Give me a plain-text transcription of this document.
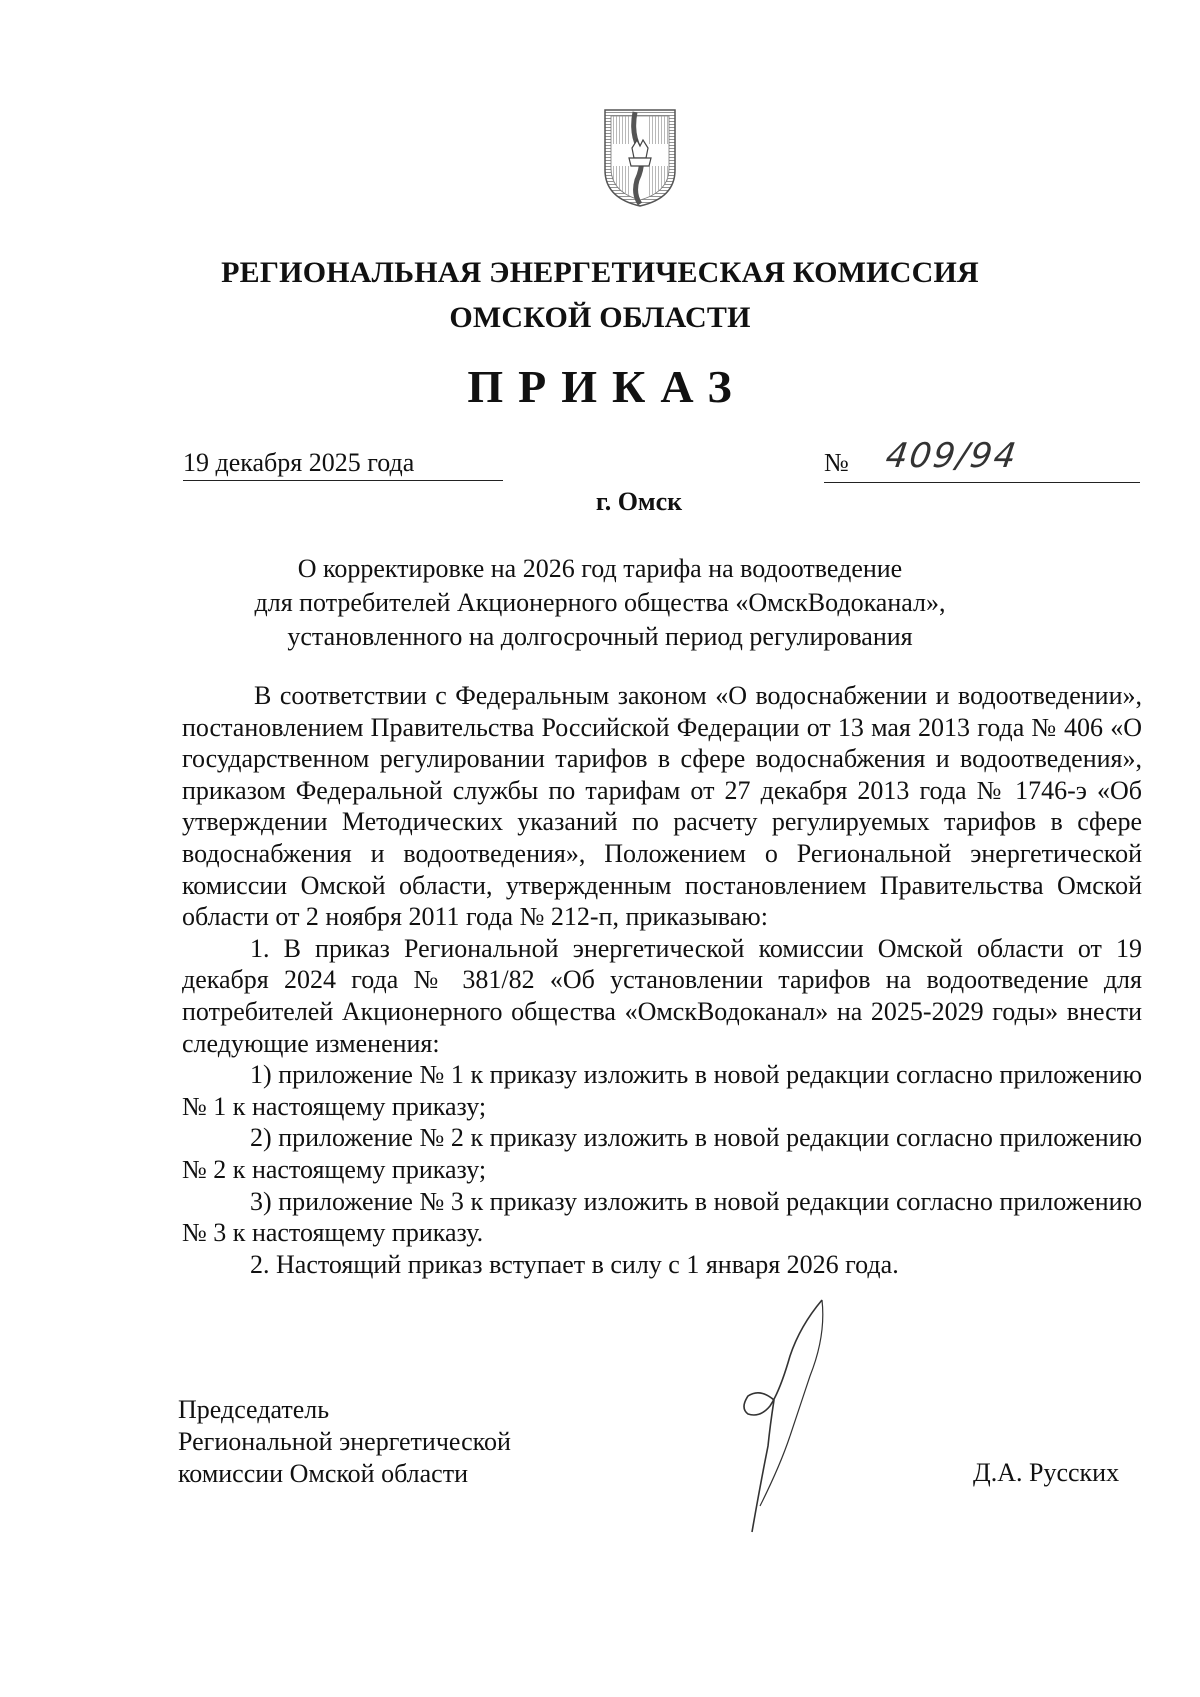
РЕГИОНАЛЬНАЯ ЭНЕРГЕТИЧЕСКАЯ КОМИССИЯ
ОМСКОЙ ОБЛАСТИ
ПРИКАЗ
19 декабря 2025 года	№ 409/94
г. Омск
О корректировке на 2026 год тарифа на водоотведение
для потребителей Акционерного общества «ОмскВодоканал»,
установленного на долгосрочный период регулирования

В соответствии с Федеральным законом «О водоснабжении и водоотведении», постановлением Правительства Российской Федерации от 13 мая 2013 года № 406 «О государственном регулировании тарифов в сфере водоснабжения и водоотведения», приказом Федеральной службы по тарифам от 27 декабря 2013 года № 1746-э «Об утверждении Методических указаний по расчету регулируемых тарифов в сфере водоснабжения и водоотведения», Положением о Региональной энергетической комиссии Омской области, утвержденным постановлением Правительства Омской области от 2 ноября 2011 года № 212-п, приказываю:

1. В приказ Региональной энергетической комиссии Омской области от 19 декабря 2024 года № 381/82 «Об установлении тарифов на водоотведение для потребителей Акционерного общества «ОмскВодоканал» на 2025-2029 годы» внести следующие изменения:

1) приложение № 1 к приказу изложить в новой редакции согласно приложению № 1 к настоящему приказу;

2) приложение № 2 к приказу изложить в новой редакции согласно приложению № 2 к настоящему приказу;

3) приложение № 3 к приказу изложить в новой редакции согласно приложению № 3 к настоящему приказу.

2. Настоящий приказ вступает в силу с 1 января 2026 года.

Председатель
Региональной энергетической
комиссии Омской области	Д.А. Русских
